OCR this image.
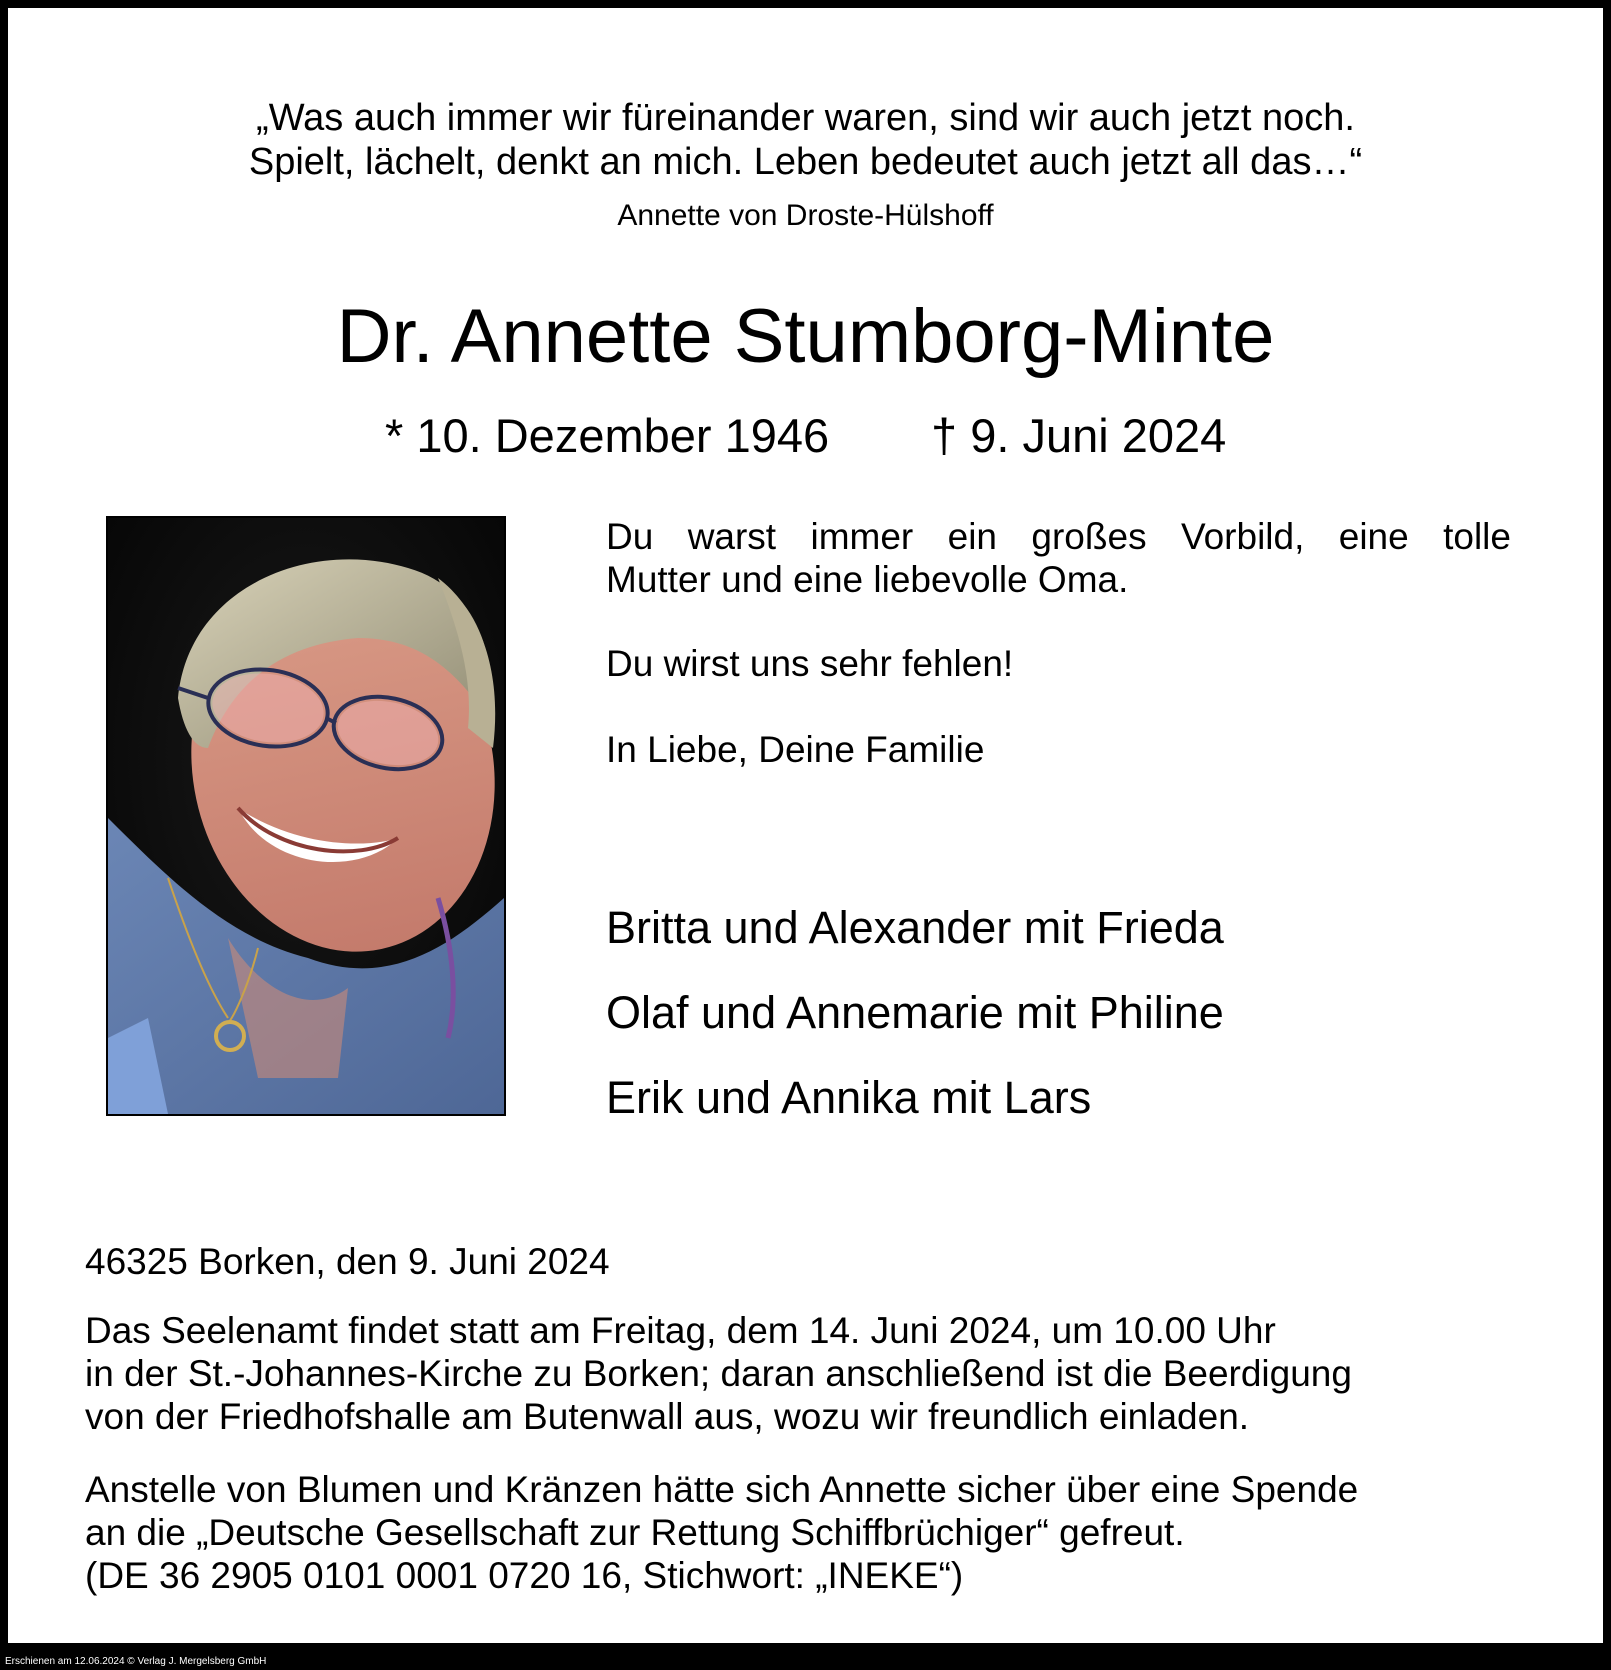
„Was auch immer wir füreinander waren, sind wir auch jetzt noch.
Spielt, lächelt, denkt an mich. Leben bedeutet auch jetzt all das…“
Annette von Droste-Hülshoff
Dr. Annette Stumborg-Minte
* 10. Dezember 1946 † 9. Juni 2024
Du warst immer ein großes Vorbild, eine tolle
Mutter und eine liebevolle Oma.
Du wirst uns sehr fehlen!
In Liebe, Deine Familie
Britta und Alexander mit Frieda
Olaf und Annemarie mit Philine
Erik und Annika mit Lars
46325 Borken, den 9. Juni 2024
Das Seelenamt findet statt am Freitag, dem 14. Juni 2024, um 10.00 Uhr
in der St.-Johannes-Kirche zu Borken; daran anschließend ist die Beerdigung
von der Friedhofshalle am Butenwall aus, wozu wir freundlich einladen.
Anstelle von Blumen und Kränzen hätte sich Annette sicher über eine Spende
an die „Deutsche Gesellschaft zur Rettung Schiffbrüchiger“ gefreut.
(DE 36 2905 0101 0001 0720 16, Stichwort: „INEKE“)
Erschienen am 12.06.2024 © Verlag J. Mergelsberg GmbH
